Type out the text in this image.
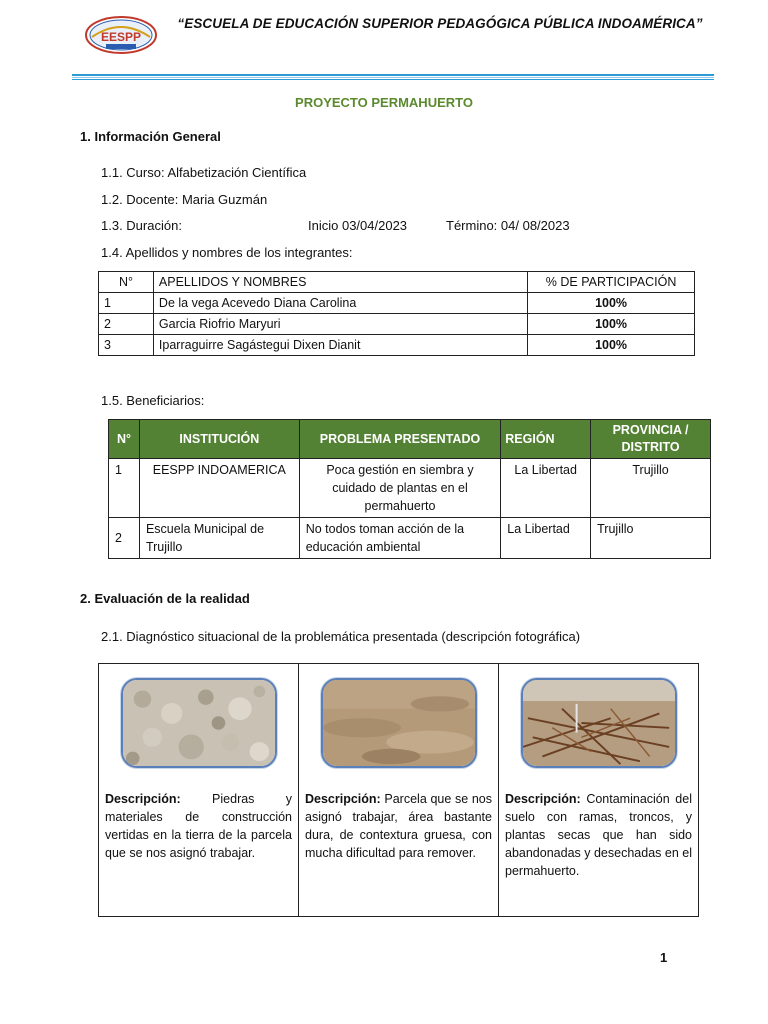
EESPP
“ESCUELA DE EDUCACIÓN SUPERIOR PEDAGÓGICA PÚBLICA INDOAMÉRICA”
PROYECTO PERMAHUERTO
1. Información General
1.1. Curso: Alfabetización Científica
1.2. Docente: Maria Guzmán
1.3. Duración:	Inicio 03/04/2023	Término: 04/ 08/2023
1.4. Apellidos y nombres de los integrantes:
N°	APELLIDOS Y NOMBRES	% DE PARTICIPACIÓN
1	De la vega Acevedo Diana Carolina	100%
2	Garcia Riofrio Maryuri	100%
3	Iparraguirre Sagástegui Dixen Dianit	100%
1.5. Beneficiarios:
N°	INSTITUCIÓN	PROBLEMA PRESENTADO	REGIÓN	PROVINCIA / DISTRITO
1	EESPP INDOAMERICA	Poca gestión en siembra y cuidado de plantas en el permahuerto	La Libertad	Trujillo
2	Escuela Municipal de Trujillo	No todos toman acción de la educación ambiental	La Libertad	Trujillo
2. Evaluación de la realidad
2.1. Diagnóstico situacional de la problemática presentada (descripción fotográfica)
Descripción:	Piedras y materiales de construcción vertidas en la tierra de la parcela que se nos asignó trabajar.

Descripción: Parcela que se nos asignó trabajar, área bastante dura, de contextura gruesa, con mucha dificultad para remover.

Descripción: Contaminación del suelo con ramas, troncos, y plantas secas que han sido abandonadas y desechadas en el permahuerto.
1
